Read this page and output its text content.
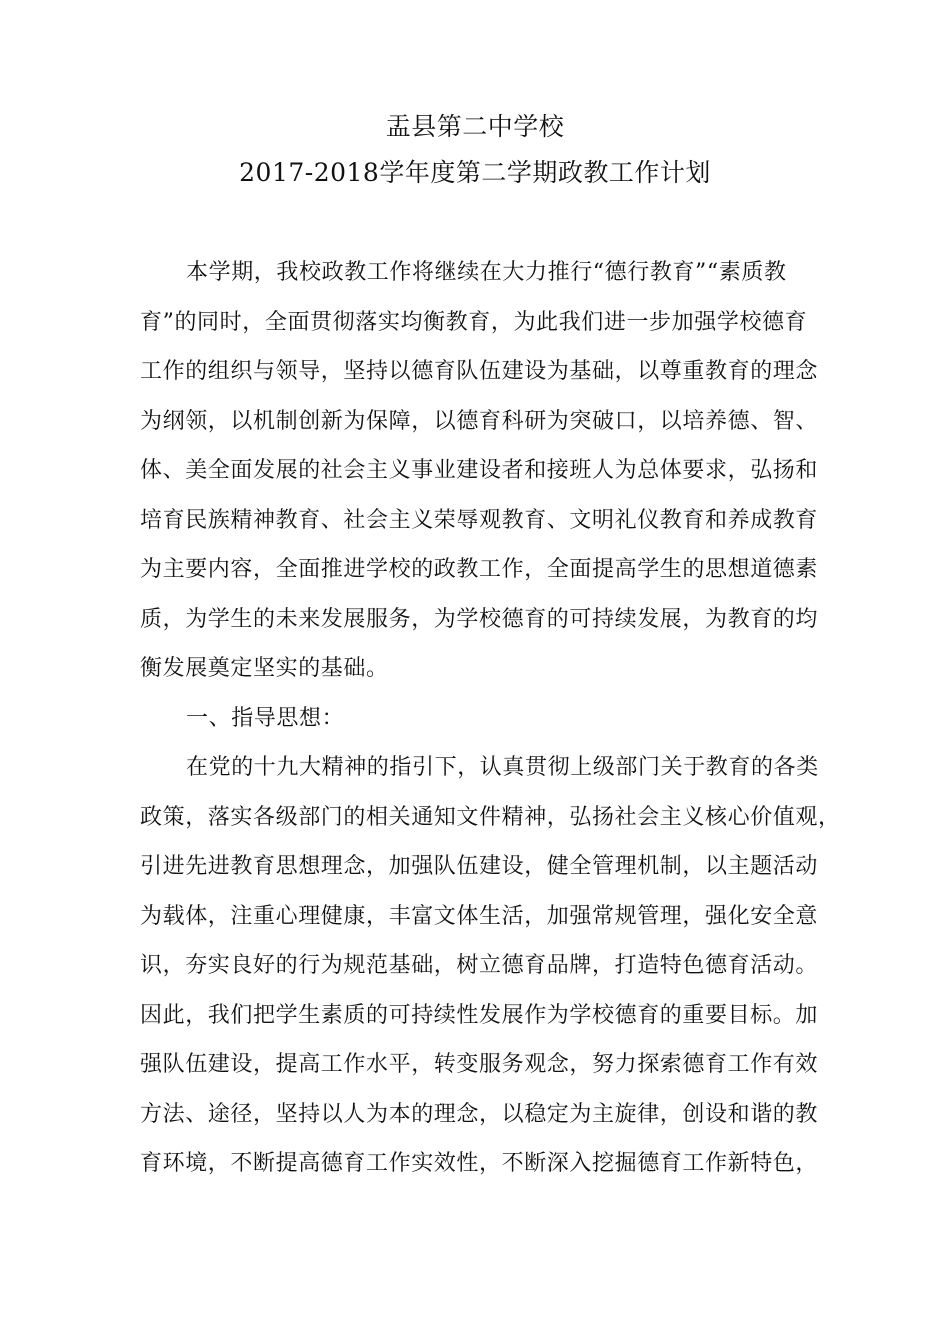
盂县第二中学校
2017-2018学年度第二学期政教工作计划
本学期，我校政教工作将继续在大力推行“德行教育”“素质教
育”的同时，全面贯彻落实均衡教育，为此我们进一步加强学校德育
工作的组织与领导，坚持以德育队伍建设为基础，以尊重教育的理念
为纲领，以机制创新为保障，以德育科研为突破口，以培养德、智、
体、美全面发展的社会主义事业建设者和接班人为总体要求，弘扬和
培育民族精神教育、社会主义荣辱观教育、文明礼仪教育和养成教育
为主要内容，全面推进学校的政教工作，全面提高学生的思想道德素
质，为学生的未来发展服务，为学校德育的可持续发展，为教育的均
衡发展奠定坚实的基础。
一、指导思想：
在党的十九大精神的指引下，认真贯彻上级部门关于教育的各类
政策，落实各级部门的相关通知文件精神，弘扬社会主义核心价值观，
引进先进教育思想理念，加强队伍建设，健全管理机制，以主题活动
为载体，注重心理健康，丰富文体生活，加强常规管理，强化安全意
识，夯实良好的行为规范基础，树立德育品牌，打造特色德育活动。
因此，我们把学生素质的可持续性发展作为学校德育的重要目标。加
强队伍建设，提高工作水平，转变服务观念，努力探索德育工作有效
方法、途径，坚持以人为本的理念，以稳定为主旋律，创设和谐的教
育环境，不断提高德育工作实效性，不断深入挖掘德育工作新特色，
